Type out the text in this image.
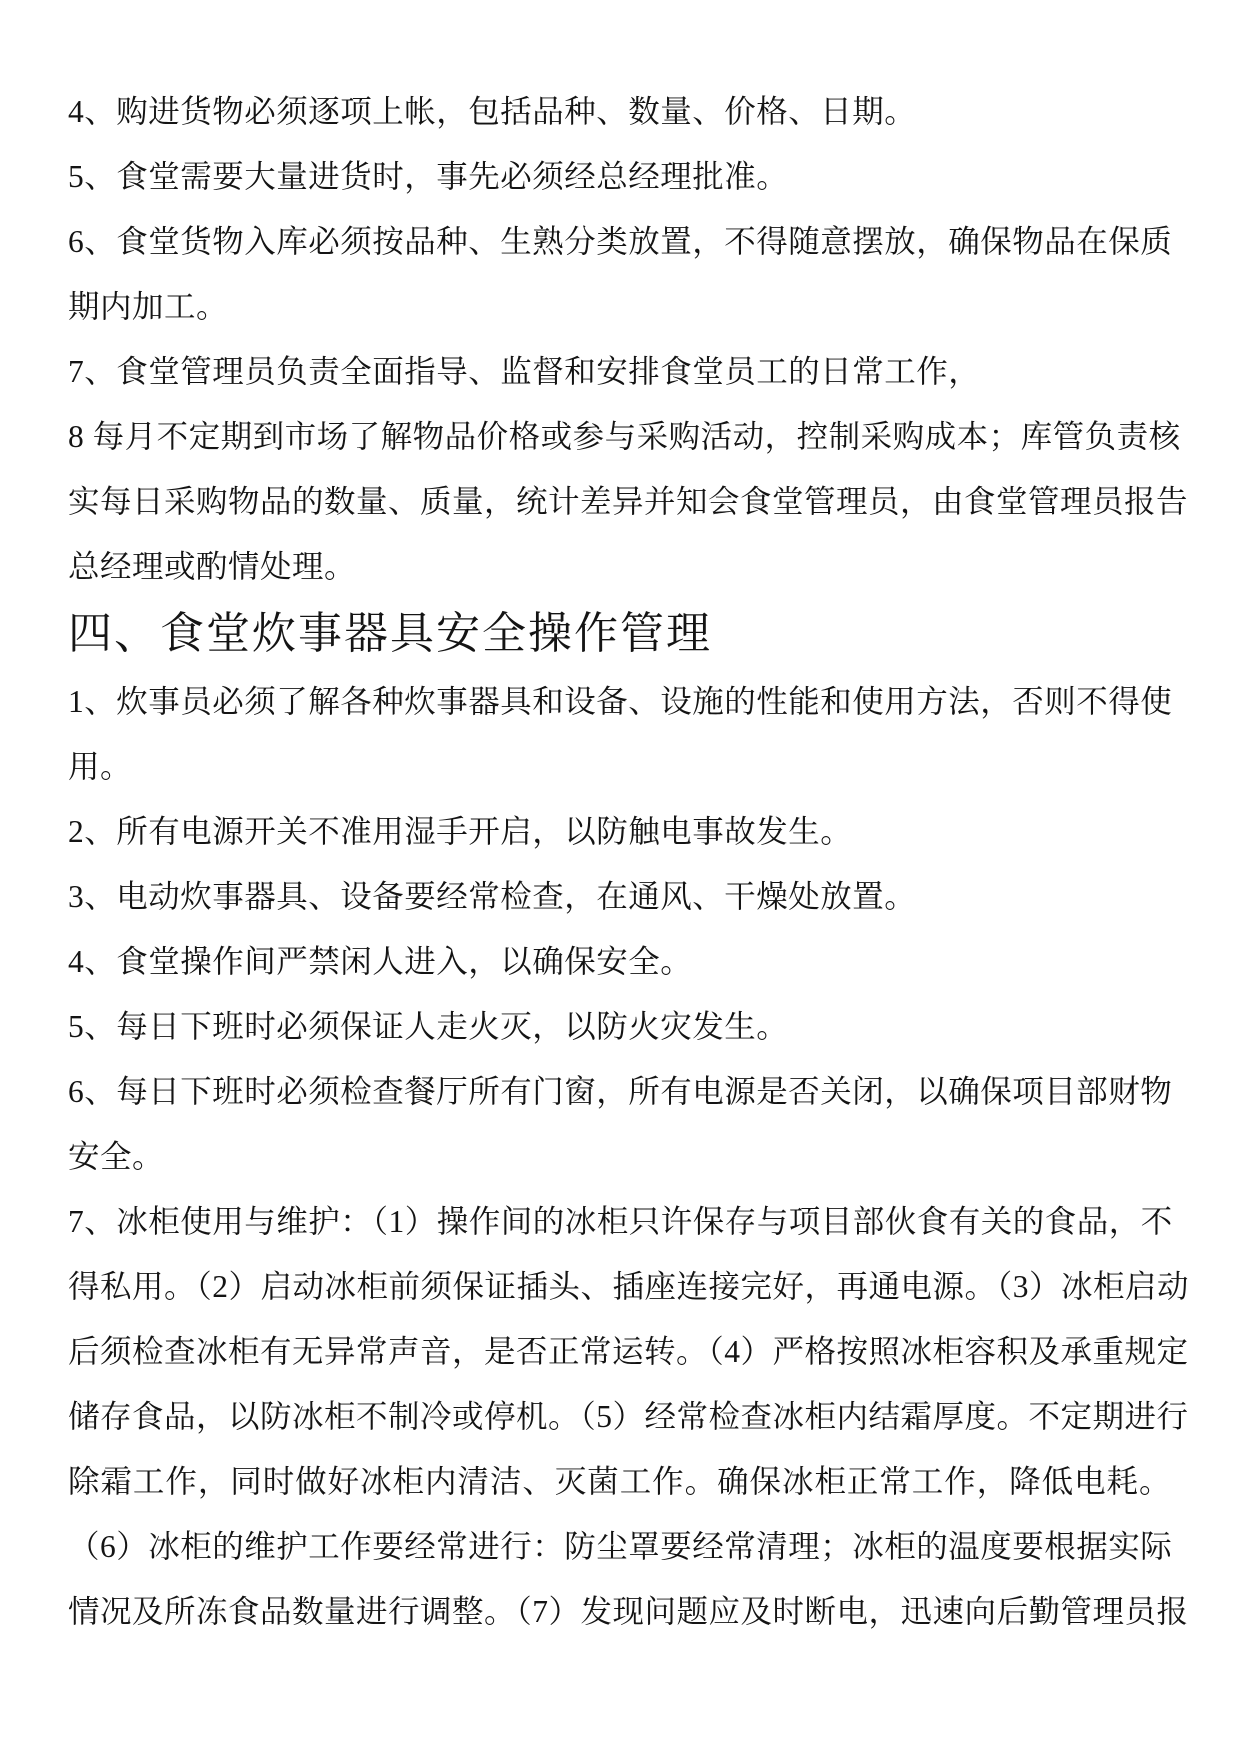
4、购进货物必须逐项上帐，包括品种、数量、价格、日期。
5、食堂需要大量进货时，事先必须经总经理批准。
6、食堂货物入库必须按品种、生熟分类放置，不得随意摆放，确保物品在保质
期内加工。
7、食堂管理员负责全面指导、监督和安排食堂员工的日常工作，
8 每月不定期到市场了解物品价格或参与采购活动，控制采购成本；库管负责核
实每日采购物品的数量、质量，统计差异并知会食堂管理员，由食堂管理员报告
总经理或酌情处理。
四、食堂炊事器具安全操作管理
1、炊事员必须了解各种炊事器具和设备、设施的性能和使用方法，否则不得使
用。
2、所有电源开关不准用湿手开启，以防触电事故发生。
3、电动炊事器具、设备要经常检查，在通风、干燥处放置。
4、食堂操作间严禁闲人进入，以确保安全。
5、每日下班时必须保证人走火灭，以防火灾发生。
6、每日下班时必须检查餐厅所有门窗，所有电源是否关闭，以确保项目部财物
安全。
7、冰柜使用与维护：（1）操作间的冰柜只许保存与项目部伙食有关的食品，不
得私用。（2）启动冰柜前须保证插头、插座连接完好，再通电源。（3）冰柜启动
后须检查冰柜有无异常声音，是否正常运转。（4）严格按照冰柜容积及承重规定
储存食品，以防冰柜不制冷或停机。（5）经常检查冰柜内结霜厚度。不定期进行
除霜工作，同时做好冰柜内清洁、灭菌工作。确保冰柜正常工作，降低电耗。
（6）冰柜的维护工作要经常进行：防尘罩要经常清理；冰柜的温度要根据实际
情况及所冻食品数量进行调整。（7）发现问题应及时断电，迅速向后勤管理员报
